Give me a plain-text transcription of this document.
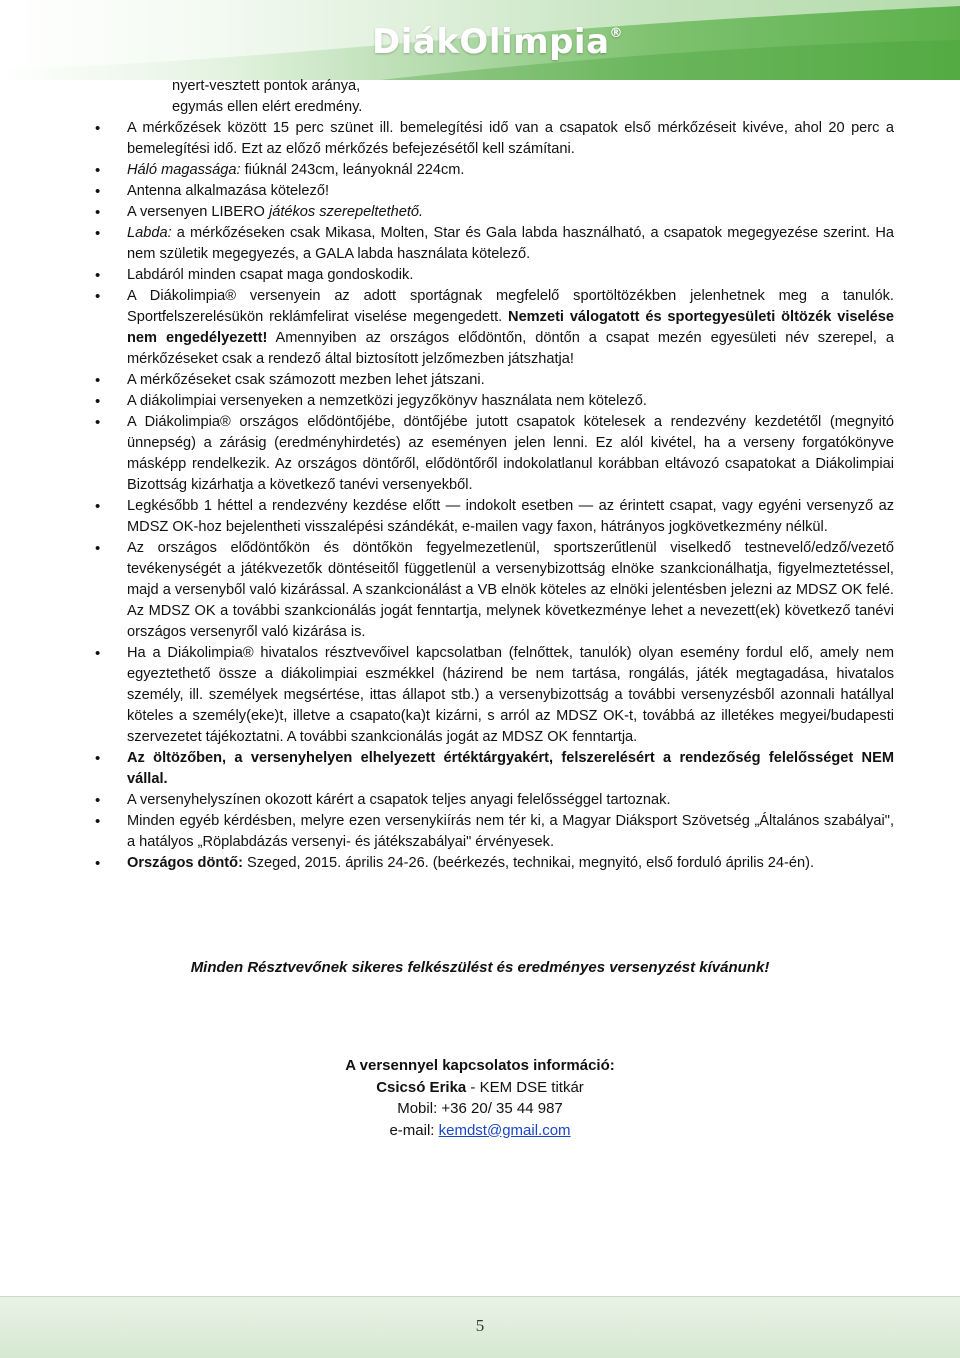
DiákOlimpia®
nyert-vesztett pontok aránya,
egymás ellen elért eredmény.
• A mérkőzések között 15 perc szünet ill. bemelegítési idő van a csapatok első mérkőzéseit kivéve, ahol 20 perc a bemelegítési idő. Ezt az előző mérkőzés befejezésétől kell számítani.
• Háló magassága: fiúknál 243cm, leányoknál 224cm.
• Antenna alkalmazása kötelező!
• A versenyen LIBERO játékos szerepeltethető.
• Labda: a mérkőzéseken csak Mikasa, Molten, Star és Gala labda használható, a csapatok megegyezése szerint. Ha nem születik megegyezés, a GALA labda használata kötelező.
• Labdáról minden csapat maga gondoskodik.
• A Diákolimpia® versenyein az adott sportágnak megfelelő sportöltözékben jelenhetnek meg a tanulók. Sportfelszerelésükön reklámfelirat viselése megengedett. Nemzeti válogatott és sportegyesületi öltözék viselése nem engedélyezett! Amennyiben az országos elődöntőn, döntőn a csapat mezén egyesületi név szerepel, a mérkőzéseket csak a rendező által biztosított jelzőmezben játszhatja!
• A mérkőzéseket csak számozott mezben lehet játszani.
• A diákolimpiai versenyeken a nemzetközi jegyzőkönyv használata nem kötelező.
• A Diákolimpia® országos elődöntőjébe, döntőjébe jutott csapatok kötelesek a rendezvény kezdetétől (megnyitó ünnepség) a zárásig (eredményhirdetés) az eseményen jelen lenni. Ez alól kivétel, ha a verseny forgatókönyve másképp rendelkezik. Az országos döntőről, elődöntőről indokolatlanul korábban eltávozó csapatokat a Diákolimpiai Bizottság kizárhatja a következő tanévi versenyekből.
• Legkésőbb 1 héttel a rendezvény kezdése előtt — indokolt esetben — az érintett csapat, vagy egyéni versenyző az MDSZ OK-hoz bejelentheti visszalépési szándékát, e-mailen vagy faxon, hátrányos jogkövetkezmény nélkül.
• Az országos elődöntőkön és döntőkön fegyelmezetlenül, sportszerűtlenül viselkedő testnevelő/edző/vezető tevékenységét a játékvezetők döntéseitől függetlenül a versenybizottság elnöke szankcionálhatja, figyelmeztetéssel, majd a versenyből való kizárással. A szankcionálást a VB elnök köteles az elnöki jelentésben jelezni az MDSZ OK felé. Az MDSZ OK a további szankcionálás jogát fenntartja, melynek következménye lehet a nevezett(ek) következő tanévi országos versenyről való kizárása is.
• Ha a Diákolimpia® hivatalos résztvevőivel kapcsolatban (felnőttek, tanulók) olyan esemény fordul elő, amely nem egyeztethető össze a diákolimpiai eszmékkel (házirend be nem tartása, rongálás, játék megtagadása, hivatalos személy, ill. személyek megsértése, ittas állapot stb.) a versenybizottság a további versenyzésből azonnali hatállyal köteles a személy(eke)t, illetve a csapato(ka)t kizárni, s arról az MDSZ OK-t, továbbá az illetékes megyei/budapesti szervezetet tájékoztatni. A további szankcionálás jogát az MDSZ OK fenntartja.
• Az öltözőben, a versenyhelyen elhelyezett értéktárgyakért, felszerelésért a rendezőség felelősséget NEM vállal.
• A versenyhelyszínen okozott kárért a csapatok teljes anyagi felelősséggel tartoznak.
• Minden egyéb kérdésben, melyre ezen versenykiírás nem tér ki, a Magyar Diáksport Szövetség „Általános szabályai", a hatályos „Röplabdázás versenyi- és játékszabályai" érvényesek.
• Országos döntő: Szeged, 2015. április 24-26. (beérkezés, technikai, megnyitó, első forduló április 24-én).
Minden Résztvevőnek sikeres felkészülést és eredményes versenyzést kívánunk!
A versennyel kapcsolatos információ:
Csicsó Erika - KEM DSE titkár
Mobil: +36 20/ 35 44 987
e-mail: kemdst@gmail.com
5
